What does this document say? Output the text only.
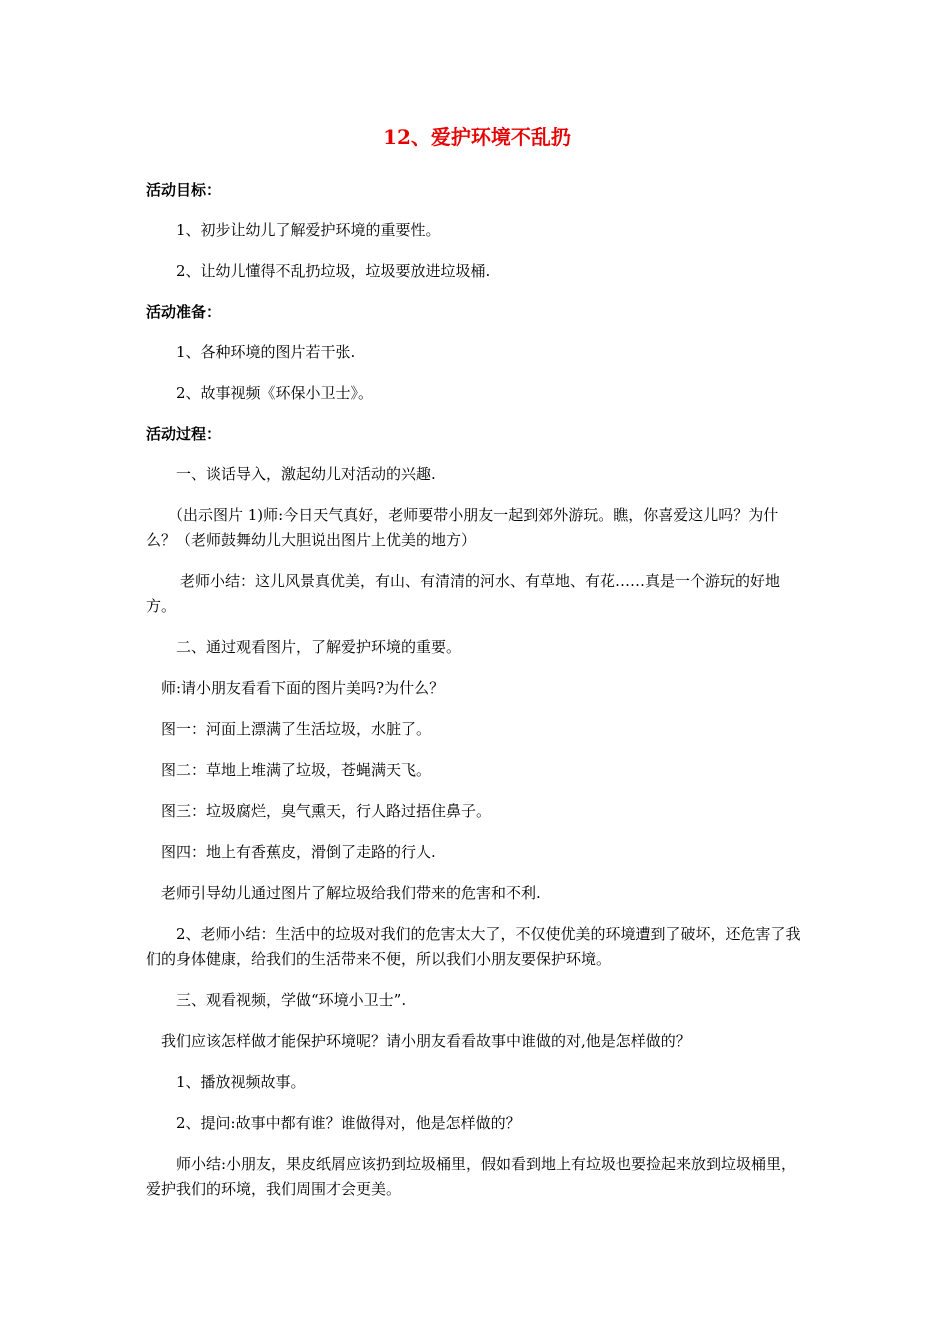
12、爱护环境不乱扔
活动目标：
1、初步让幼儿了解爱护环境的重要性。
2、让幼儿懂得不乱扔垃圾，垃圾要放进垃圾桶.
活动准备：
1、各种环境的图片若干张.
2、故事视频《环保小卫士》。
活动过程：
一、谈话导入，激起幼儿对活动的兴趣.
（出示图片 1)师:今日天气真好，老师要带小朋友一起到郊外游玩。瞧，你喜爱这儿吗？为什么？（老师鼓舞幼儿大胆说出图片上优美的地方）
老师小结：这儿风景真优美，有山、有清清的河水、有草地、有花……真是一个游玩的好地方。
二、通过观看图片，了解爱护环境的重要。
师:请小朋友看看下面的图片美吗?为什么？
图一：河面上漂满了生活垃圾，水脏了。
图二：草地上堆满了垃圾，苍蝇满天飞。
图三：垃圾腐烂，臭气熏天，行人路过捂住鼻子。
图四：地上有香蕉皮，滑倒了走路的行人.
老师引导幼儿通过图片了解垃圾给我们带来的危害和不利.
2、老师小结：生活中的垃圾对我们的危害太大了，不仅使优美的环境遭到了破坏，还危害了我们的身体健康，给我们的生活带来不便，所以我们小朋友要保护环境。
三、观看视频，学做“环境小卫士”.
我们应该怎样做才能保护环境呢？请小朋友看看故事中谁做的对,他是怎样做的？
1、播放视频故事。
2、提问:故事中都有谁？谁做得对，他是怎样做的？
师小结:小朋友，果皮纸屑应该扔到垃圾桶里，假如看到地上有垃圾也要捡起来放到垃圾桶里，爱护我们的环境，我们周围才会更美。
